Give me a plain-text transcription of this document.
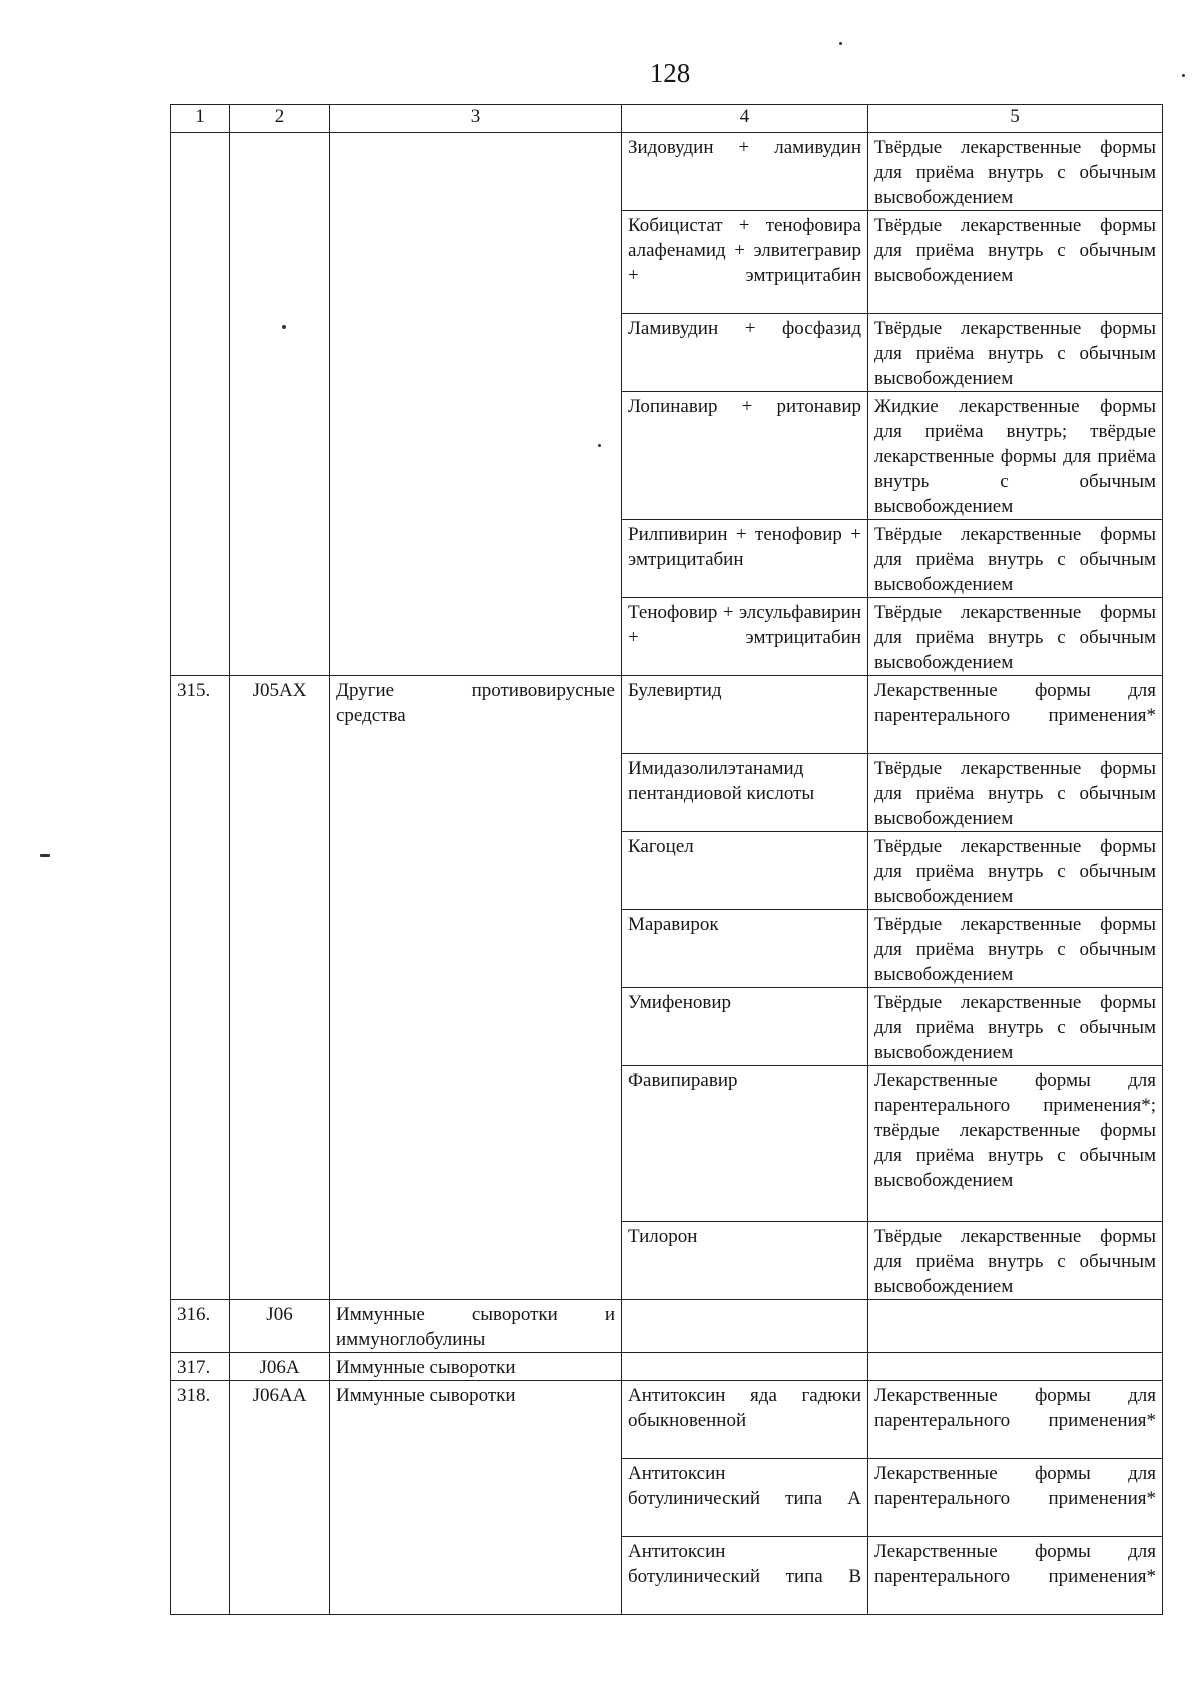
128
1	2	3	4	5

			Зидовудин + ламивудин	Твёрдые лекарственные формы для приёма внутрь с обычным высвобождением
			Кобицистат + тенофовира алафенамид + элвитегравир + эмтрицитабин	Твёрдые лекарственные формы для приёма внутрь с обычным высвобождением
			Ламивудин + фосфазид	Твёрдые лекарственные формы для приёма внутрь с обычным высвобождением
			Лопинавир + ритонавир	Жидкие лекарственные формы для приёма внутрь; твёрдые лекарственные формы для приёма внутрь с обычным высвобождением
			Рилпивирин + тенофовир + эмтрицитабин	Твёрдые лекарственные формы для приёма внутрь с обычным высвобождением
			Тенофовир + элсульфавирин + эмтрицитабин	Твёрдые лекарственные формы для приёма внутрь с обычным высвобождением
315.	J05AX	Другие противовирусные средства	Булевиртид	Лекарственные формы для парентерального применения*
			Имидазолилэтанамид пентандиовой кислоты	Твёрдые лекарственные формы для приёма внутрь с обычным высвобождением
			Кагоцел	Твёрдые лекарственные формы для приёма внутрь с обычным высвобождением
			Маравирок	Твёрдые лекарственные формы для приёма внутрь с обычным высвобождением
			Умифеновир	Твёрдые лекарственные формы для приёма внутрь с обычным высвобождением
			Фавипиравир	Лекарственные формы для парентерального применения*; твёрдые лекарственные формы для приёма внутрь с обычным высвобождением
			Тилорон	Твёрдые лекарственные формы для приёма внутрь с обычным высвобождением
316.	J06	Иммунные сыворотки и иммуноглобулины		
317.	J06A	Иммунные сыворотки		
318.	J06AA	Иммунные сыворотки	Антитоксин яда гадюки обыкновенной	Лекарственные формы для парентерального применения*
			Антитоксин ботулинический типа А	Лекарственные формы для парентерального применения*
			Антитоксин ботулинический типа B	Лекарственные формы для парентерального применения*
